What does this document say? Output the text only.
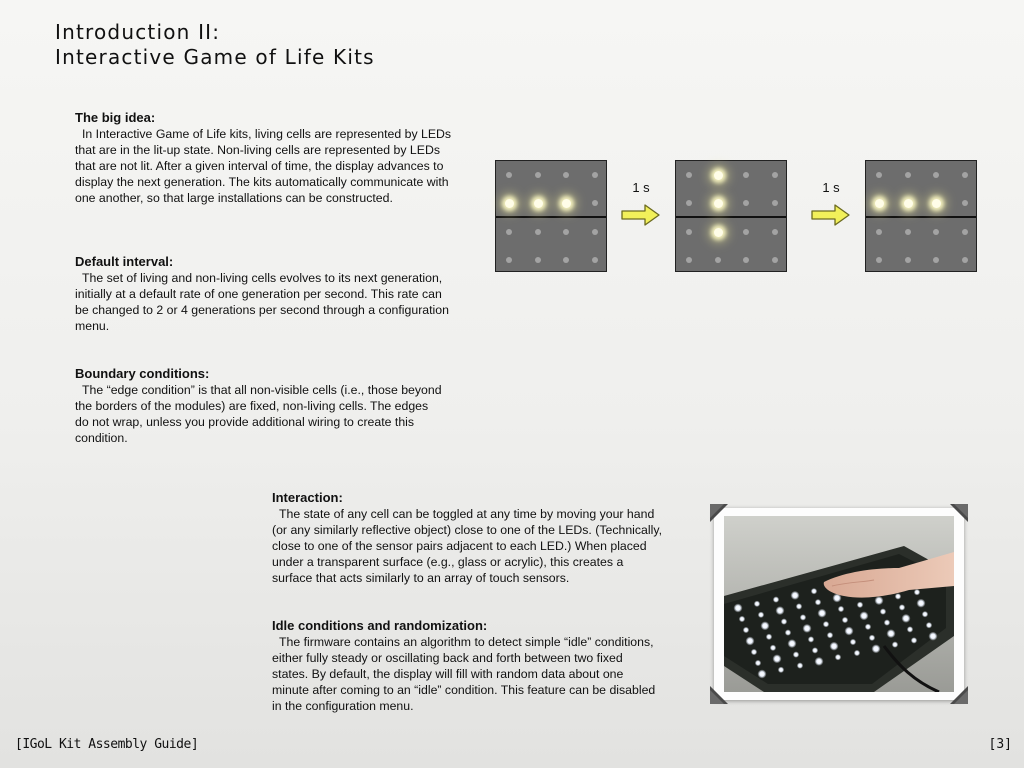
Introduction II:
Interactive Game of Life Kits
The big idea:

In Interactive Game of Life kits, living cells are represented by LEDs that are in the lit-up state. Non-living cells are represented by LEDs that are not lit. After a given interval of time, the display advances to display the next generation. The kits automatically communicate with one another, so that large installations can be constructed.

Default interval:

The set of living and non-living cells evolves to its next generation, initially at a default rate of one generation per second. This rate can be changed to 2 or 4 generations per second through a configuration menu.

Boundary conditions:

The “edge condition” is that all non-visible cells (i.e., those beyond the borders of the modules) are fixed, non-living cells. The edges do not wrap, unless you provide additional wiring to create this condition.

Interaction:

The state of any cell can be toggled at any time by moving your hand (or any similarly reflective object) close to one of the LEDs. (Technically, close to one of the sensor pairs adjacent to each LED.) When placed under a transparent surface (e.g., glass or acrylic), this creates a surface that acts similarly to an array of touch sensors.

Idle conditions and randomization:

The firmware contains an algorithm to detect simple “idle” conditions, either fully steady or oscillating back and forth between two fixed states. By default, the display will fill with random data about one minute after coming to an “idle” condition. This feature can be disabled in the configuration menu.

1 s	1 s
[IGoL Kit Assembly Guide]	[3]
